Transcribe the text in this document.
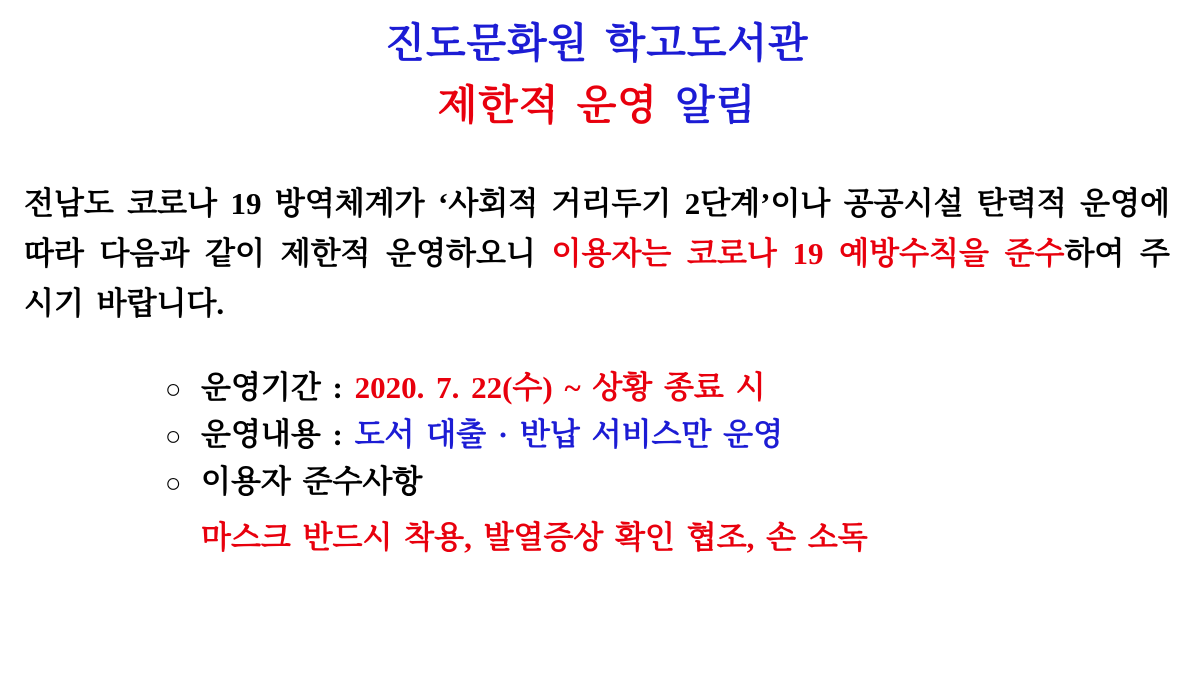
진도문화원 학고도서관
제한적 운영 알림

전남도 코로나 19 방역체계가 ‘사회적 거리두기 2단계’이나 공공시설 탄력적 운영에 따라 다음과 같이 제한적 운영하오니 이용자는 코로나 19 예방수칙을 준수하여 주시기 바랍니다.

○ 운영기간 : 2020. 7. 22(수) ~ 상황 종료 시
○ 운영내용 : 도서 대출 · 반납 서비스만 운영
○ 이용자 준수사항
마스크 반드시 착용, 발열증상 확인 협조, 손 소독
